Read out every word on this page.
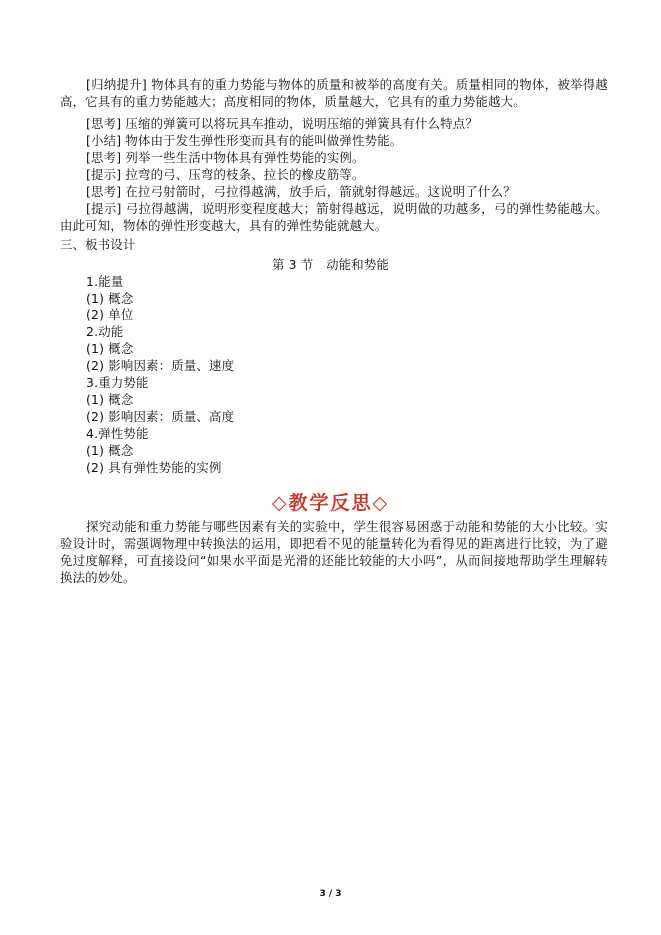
[归纳提升] 物体具有的重力势能与物体的质量和被举的高度有关。质量相同的物体，被举得越高，它具有的重力势能越大；高度相同的物体，质量越大，它具有的重力势能越大。
[思考] 压缩的弹簧可以将玩具车推动，说明压缩的弹簧具有什么特点？
[小结] 物体由于发生弹性形变而具有的能叫做弹性势能。
[思考] 列举一些生活中物体具有弹性势能的实例。
[提示] 拉弯的弓、压弯的枝条、拉长的橡皮筋等。
[思考] 在拉弓射箭时，弓拉得越满，放手后，箭就射得越远。这说明了什么？
[提示] 弓拉得越满，说明形变程度越大；箭射得越远，说明做的功越多，弓的弹性势能越大。由此可知，物体的弹性形变越大，具有的弹性势能就越大。
三、板书设计
第 3 节　动能和势能
1.能量
(1) 概念
(2) 单位
2.动能
(1) 概念
(2) 影响因素：质量、速度
3.重力势能
(1) 概念
(2) 影响因素：质量、高度
4.弹性势能
(1) 概念
(2) 具有弹性势能的实例
◇教学反思◇
探究动能和重力势能与哪些因素有关的实验中，学生很容易困惑于动能和势能的大小比较。实验设计时，需强调物理中转换法的运用，即把看不见的能量转化为看得见的距离进行比较，为了避免过度解释，可直接设问“如果水平面是光滑的还能比较能的大小吗”，从而间接地帮助学生理解转换法的妙处。
3 / 3
